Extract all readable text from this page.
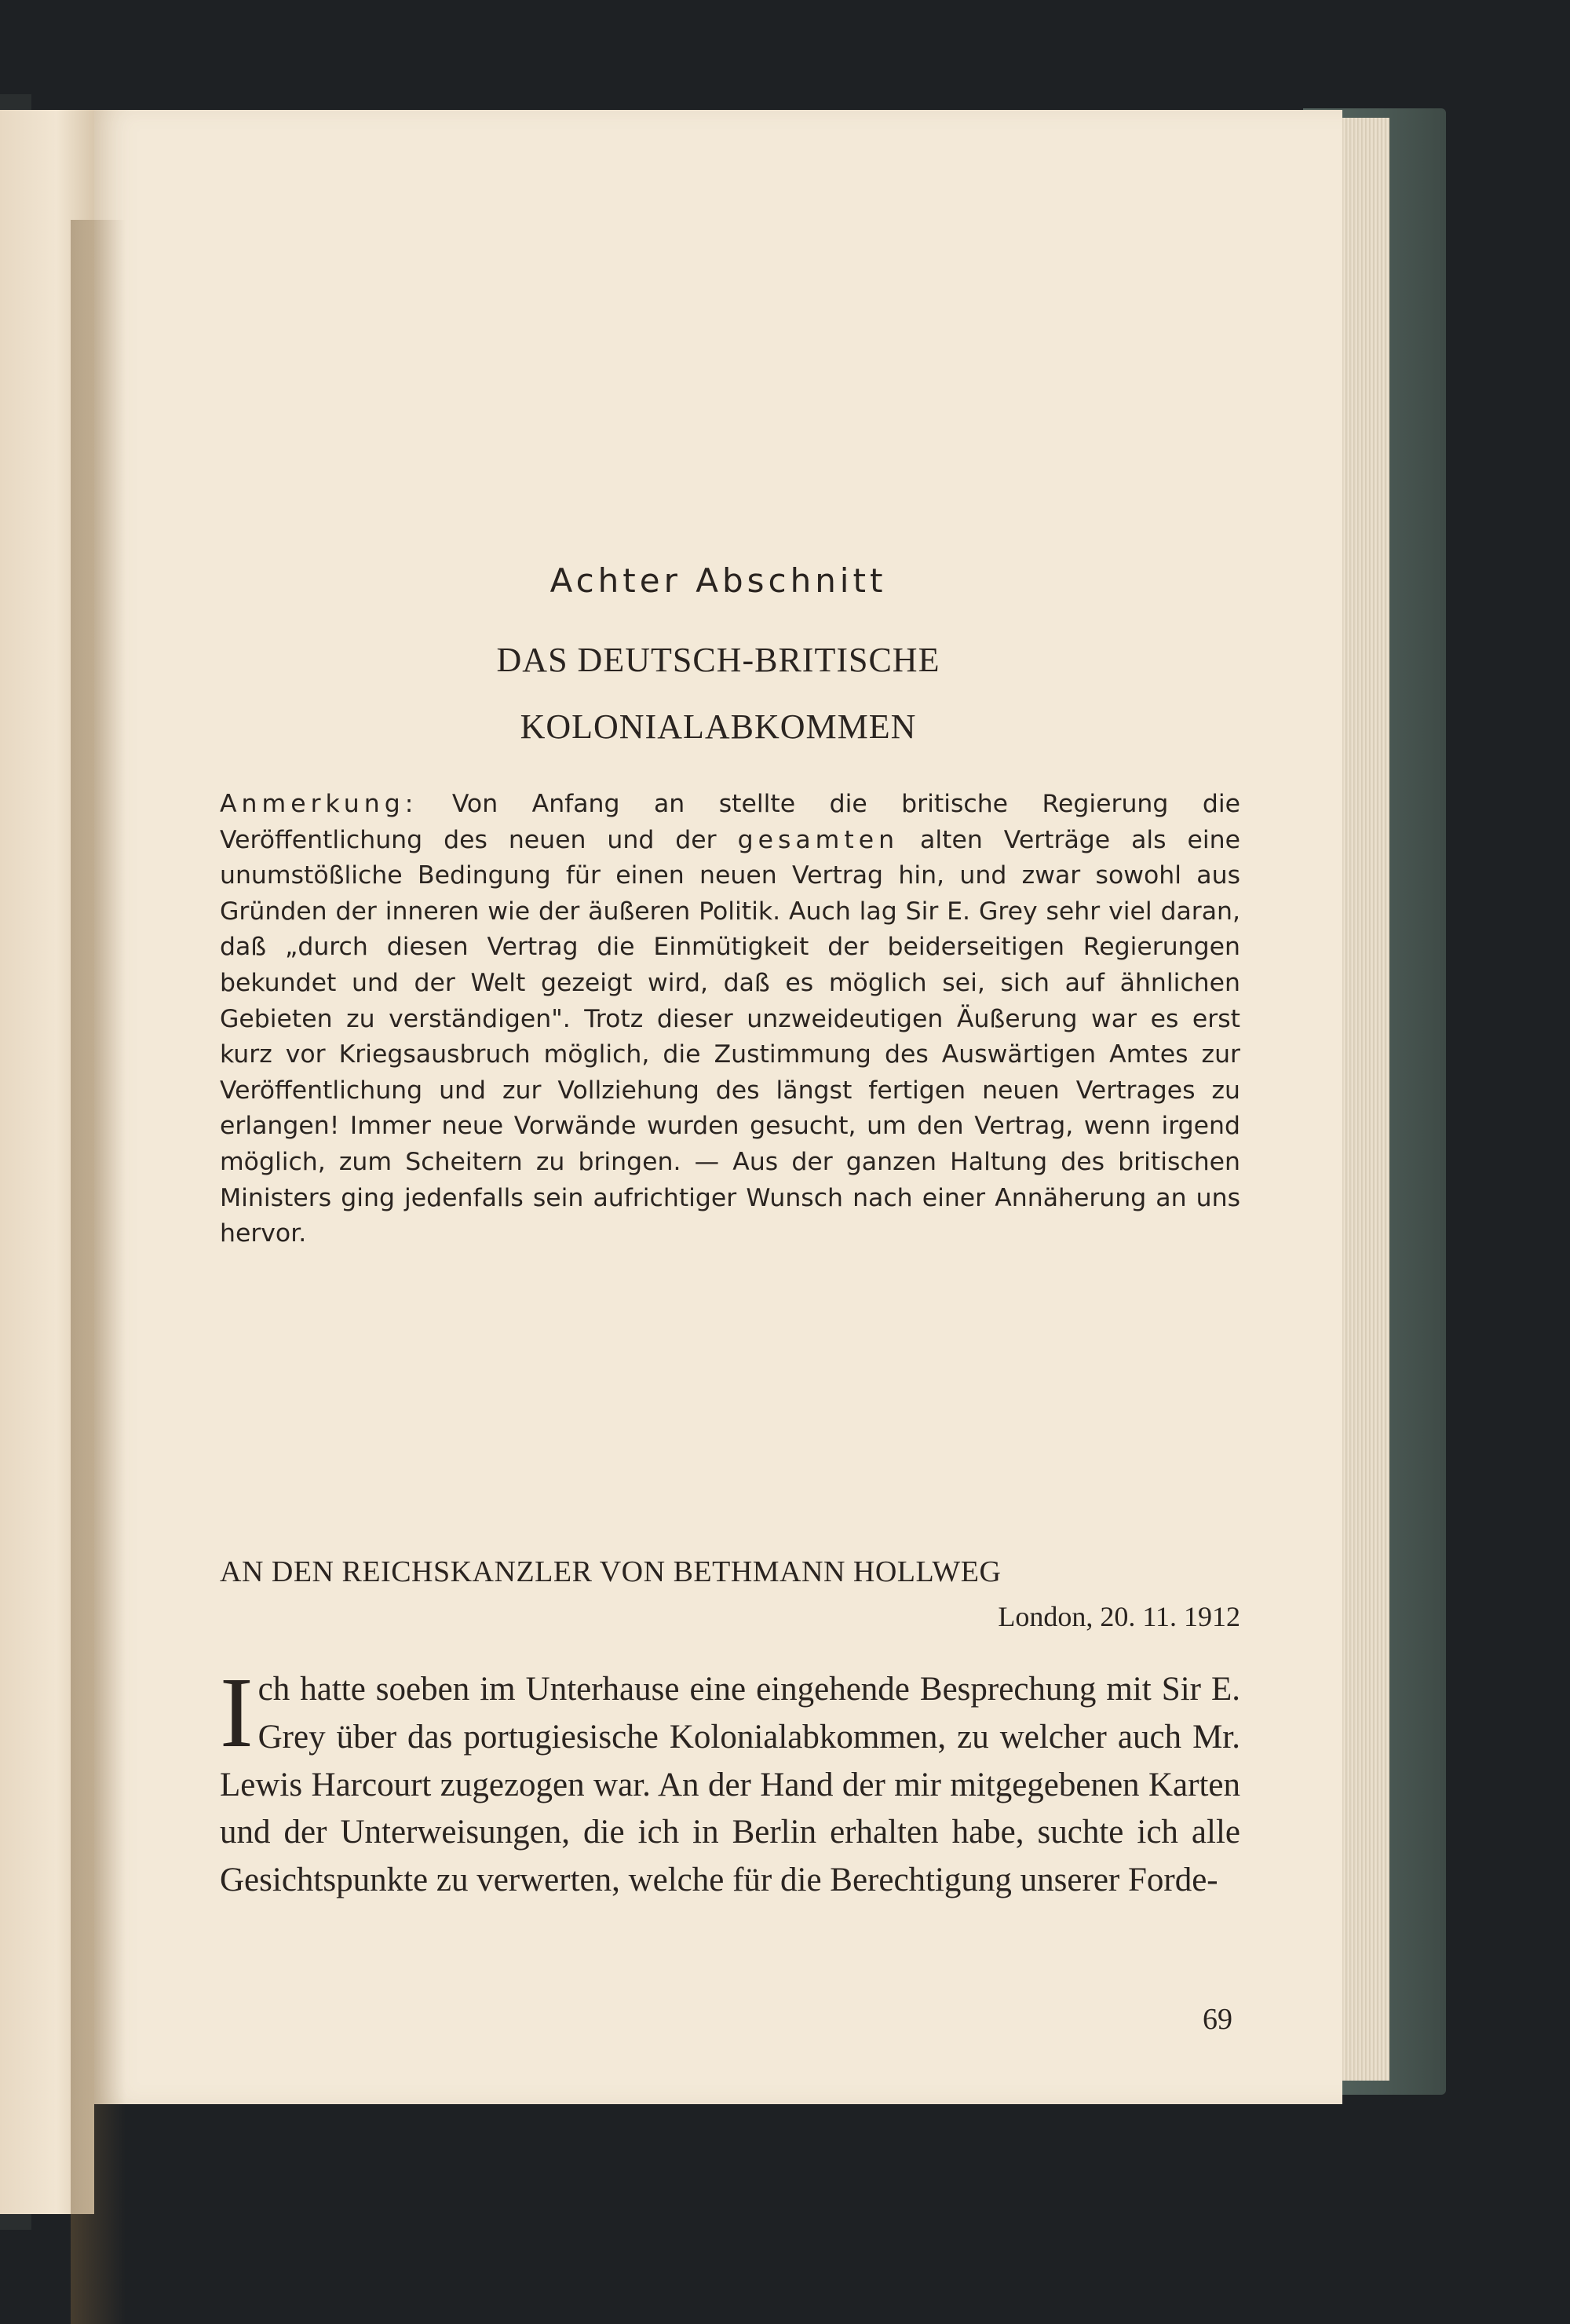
Achter Abschnitt
DAS DEUTSCH-BRITISCHE
KOLONIALABKOMMEN
Anmerkung: Von Anfang an stellte die britische Regierung die Veröffentlichung des neuen und der gesamten alten Verträge als eine unumstößliche Bedingung für einen neuen Vertrag hin, und zwar sowohl aus Gründen der inneren wie der äußeren Politik. Auch lag Sir E. Grey sehr viel daran, daß „durch diesen Vertrag die Einmütigkeit der beiderseitigen Regierungen bekundet und der Welt gezeigt wird, daß es möglich sei, sich auf ähnlichen Gebieten zu verständigen". Trotz dieser unzweideutigen Äußerung war es erst kurz vor Kriegsausbruch möglich, die Zustimmung des Auswärtigen Amtes zur Veröffentlichung und zur Vollziehung des längst fertigen neuen Vertrages zu erlangen! Immer neue Vorwände wurden gesucht, um den Vertrag, wenn irgend möglich, zum Scheitern zu bringen. — Aus der ganzen Haltung des britischen Ministers ging jedenfalls sein aufrichtiger Wunsch nach einer Annäherung an uns hervor.
AN DEN REICHSKANZLER VON BETHMANN HOLLWEG
London, 20. 11. 1912
Ich hatte soeben im Unterhause eine eingehende Besprechung mit Sir E. Grey über das portugiesische Kolonialabkommen, zu welcher auch Mr. Lewis Harcourt zugezogen war. An der Hand der mir mitgegebenen Karten und der Unterweisungen, die ich in Berlin erhalten habe, suchte ich alle Gesichtspunkte zu verwerten, welche für die Berechtigung unserer Forde-
69
